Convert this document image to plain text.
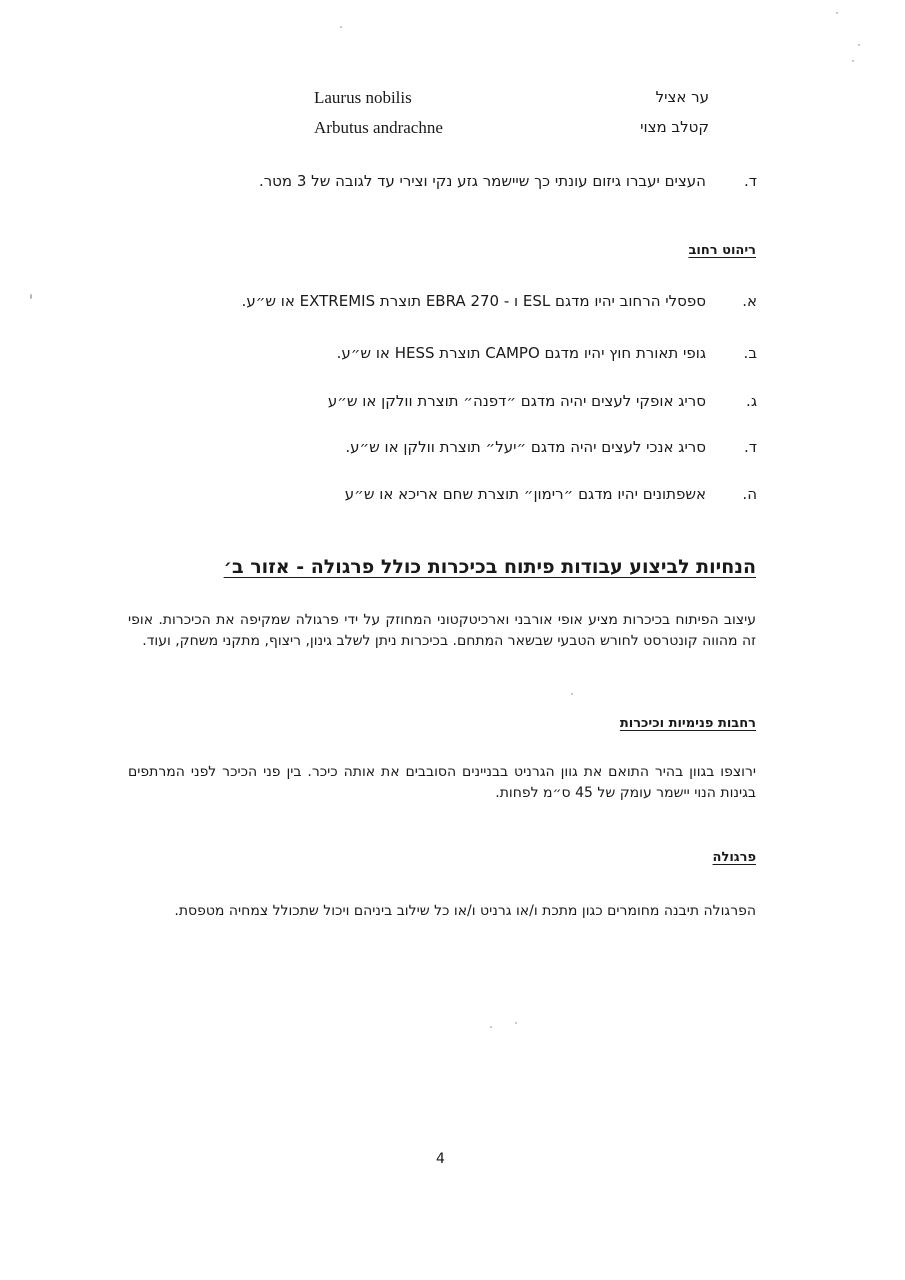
Laurus nobilis	ער אציל
Arbutus andrachne	קטלב מצוי
ד.
העצים יעברו גיזום עונתי כך שיישמר גזע נקי וצירי עד לגובה של 3 מטר.
ריהוט רחוב
א.
ספסלי הרחוב יהיו מדגם ESL ו - 270 EBRA תוצרת EXTREMIS או ש״ע.
ב.
גופי תאורת חוץ יהיו מדגם CAMPO תוצרת HESS או ש״ע.
ג.
סריג אופקי לעצים יהיה מדגם ״דפנה״ תוצרת וולקן או ש״ע
ד.
סריג אנכי לעצים יהיה מדגם ״יעל״ תוצרת וולקן או ש״ע.
ה.
אשפתונים יהיו מדגם ״רימון״ תוצרת שחם אריכא או ש״ע
הנחיות לביצוע עבודות פיתוח בכיכרות כולל פרגולה - אזור ב׳
עיצוב הפיתוח בכיכרות מציע אופי אורבני וארכיטקטוני המחוזק על ידי פרגולה שמקיפה את הכיכרות. אופי זה מהווה קונטרסט לחורש הטבעי שבשאר המתחם. בכיכרות ניתן לשלב גינון, ריצוף, מתקני משחק, ועוד.
רחבות פנימיות וכיכרות
ירוצפו בגוון בהיר התואם את גוון הגרניט בבניינים הסובבים את אותה כיכר. בין פני הכיכר לפני המרתפים בגינות הנוי יישמר עומק של 45 ס״מ לפחות.
פרגולה
הפרגולה תיבנה מחומרים כגון מתכת ו/או גרניט ו/או כל שילוב ביניהם ויכול שתכולל צמחיה מטפסת.
4
